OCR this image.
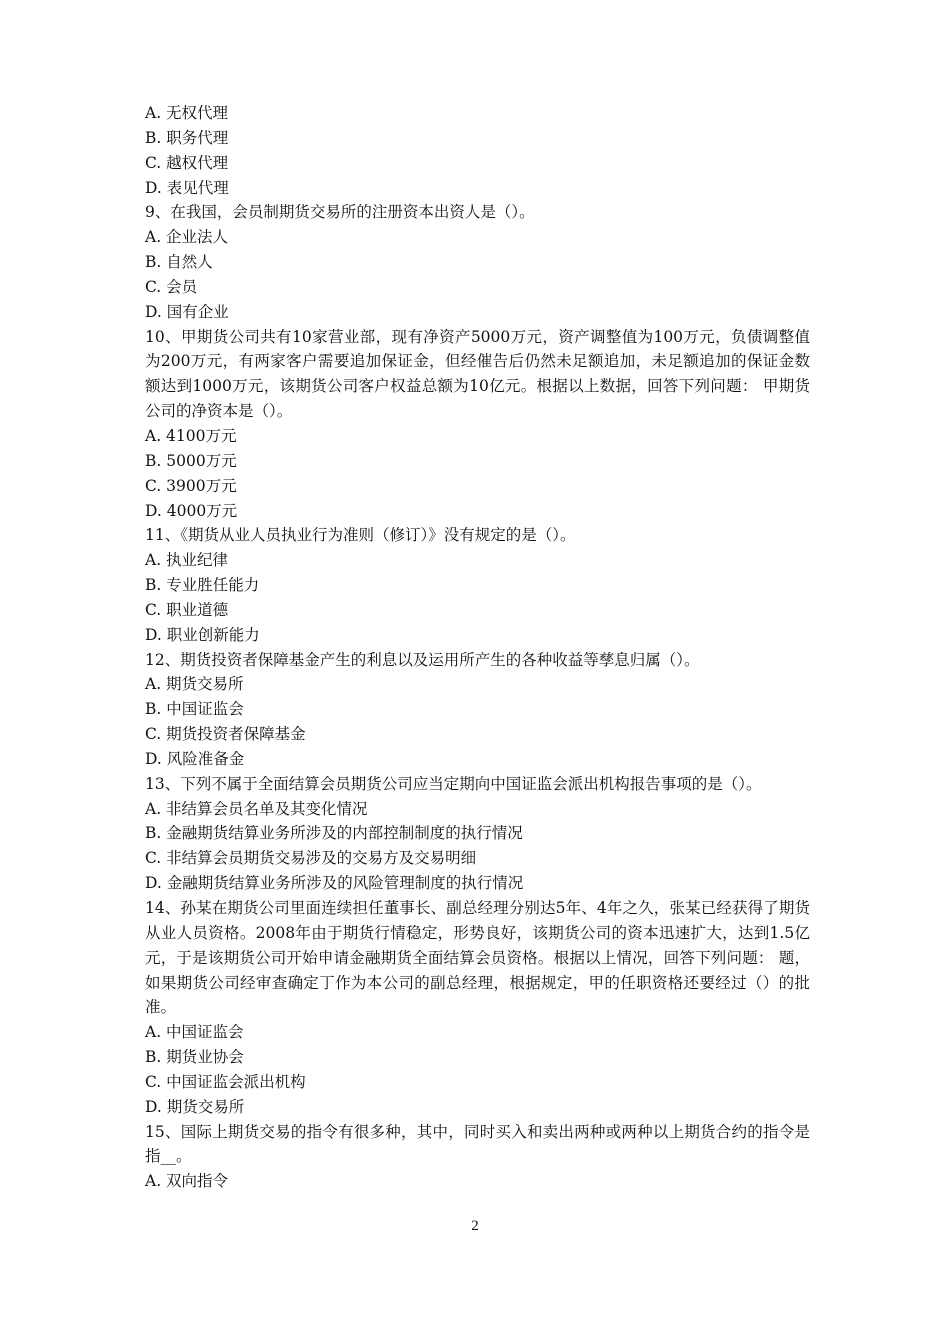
A. 无权代理
B. 职务代理
C. 越权代理
D. 表见代理
9、在我国，会员制期货交易所的注册资本出资人是（）。
A. 企业法人
B. 自然人
C. 会员
D. 国有企业
10、甲期货公司共有10家营业部，现有净资产5000万元，资产调整值为100万元，负债调整值为200万元，有两家客户需要追加保证金，但经催告后仍然未足额追加，未足额追加的保证金数额达到1000万元，该期货公司客户权益总额为10亿元。根据以上数据，回答下列问题： 甲期货公司的净资本是（）。
A. 4100万元
B. 5000万元
C. 3900万元
D. 4000万元
11、《期货从业人员执业行为准则（修订）》没有规定的是（）。
A. 执业纪律
B. 专业胜任能力
C. 职业道德
D. 职业创新能力
12、期货投资者保障基金产生的利息以及运用所产生的各种收益等孳息归属（）。
A. 期货交易所
B. 中国证监会
C. 期货投资者保障基金
D. 风险准备金
13、下列不属于全面结算会员期货公司应当定期向中国证监会派出机构报告事项的是（）。
A. 非结算会员名单及其变化情况
B. 金融期货结算业务所涉及的内部控制制度的执行情况
C. 非结算会员期货交易涉及的交易方及交易明细
D. 金融期货结算业务所涉及的风险管理制度的执行情况
14、孙某在期货公司里面连续担任董事长、副总经理分别达5年、4年之久，张某已经获得了期货从业人员资格。2008年由于期货行情稳定，形势良好，该期货公司的资本迅速扩大，达到1.5亿元，于是该期货公司开始申请金融期货全面结算会员资格。根据以上情况，回答下列问题： 题，如果期货公司经审查确定丁作为本公司的副总经理，根据规定，甲的任职资格还要经过（）的批准。
A. 中国证监会
B. 期货业协会
C. 中国证监会派出机构
D. 期货交易所
15、国际上期货交易的指令有很多种，其中，同时买入和卖出两种或两种以上期货合约的指令是指__。
A. 双向指令
2
